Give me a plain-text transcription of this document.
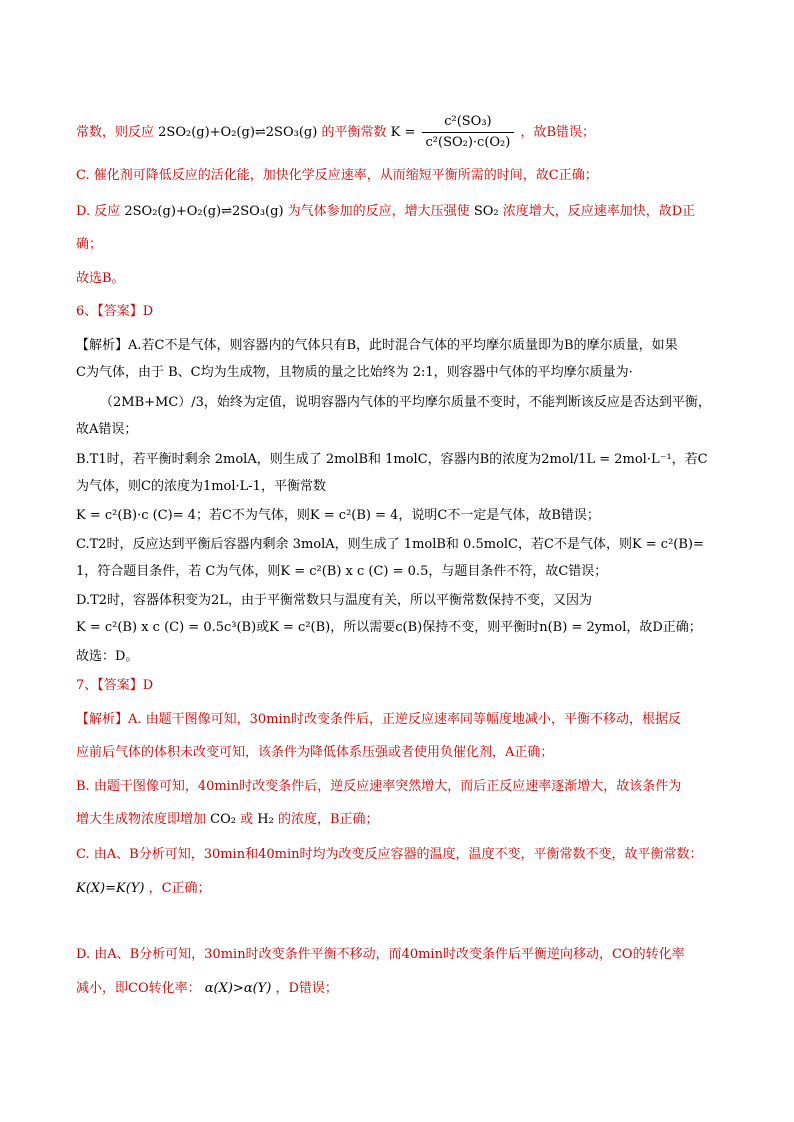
常数，则反应 2SO₂(g)+O₂(g)⇌2SO₃(g) 的平衡常数 $K = \frac{\text{c²(SO₃)}}{\text{c²(SO₂)·c(O₂)}}$ ，故B错误；
C. 催化剂可降低反应的活化能，加快化学反应速率，从而缩短平衡所需的时间，故C正确；
D. 反应 2SO₂(g)+O₂(g)⇌2SO₃(g) 为气体参加的反应，增大压强使 SO₂ 浓度增大，反应速率加快，故D正
确；
故选B。
6、【答案】D
【解析】A.若C不是气体，则容器内的气体只有B，此时混合气体的平均摩尔质量即为B的摩尔质量，如果
C为气体，由于 B、C均为生成物，且物质的量之比始终为 2:1，则容器中气体的平均摩尔质量为·
（2MB+MC）/3，始终为定值，说明容器内气体的平均摩尔质量不变时，不能判断该反应是否达到平衡，
故A错误；
B.T1时，若平衡时剩余 2molA，则生成了 2molB和 1molC，容器内B的浓度为2mol/1L = 2mol·L⁻¹，若C
为气体，则C的浓度为1mol·L-1，平衡常数
K = c²(B)·c (C)= 4；若C不为气体，则K = c²(B) = 4，说明C不一定是气体，故B错误；
C.T2时，反应达到平衡后容器内剩余 3molA，则生成了 1molB和 0.5molC，若C不是气体，则K = c²(B)=
1，符合题目条件，若 C为气体，则K = c²(B) x c (C) = 0.5，与题目条件不符，故C错误；
D.T2时，容器体积变为2L，由于平衡常数只与温度有关，所以平衡常数保持不变，又因为
K = c²(B) x c (C) = 0.5c³(B)或K = c²(B)，所以需要c(B)保持不变，则平衡时n(B) = 2ymol，故D正确；
故选：D。
7、【答案】D
【解析】A. 由题干图像可知，30min时改变条件后，正逆反应速率同等幅度地减小，平衡不移动，根据反
应前后气体的体积未改变可知，该条件为降低体系压强或者使用负催化剂，A正确；
B. 由题干图像可知，40min时改变条件后，逆反应速率突然增大，而后正反应速率逐渐增大，故该条件为
增大生成物浓度即增加 CO₂ 或 H₂ 的浓度，B正确；
C. 由A、B分析可知，30min和40min时均为改变反应容器的温度，温度不变，平衡常数不变，故平衡常数：
K(X)=K(Y) ，C正确；
D. 由A、B分析可知，30min时改变条件平衡不移动，而40min时改变条件后平衡逆向移动，CO的转化率
减小，即CO转化率： α(X)>α(Y) ，D错误；
